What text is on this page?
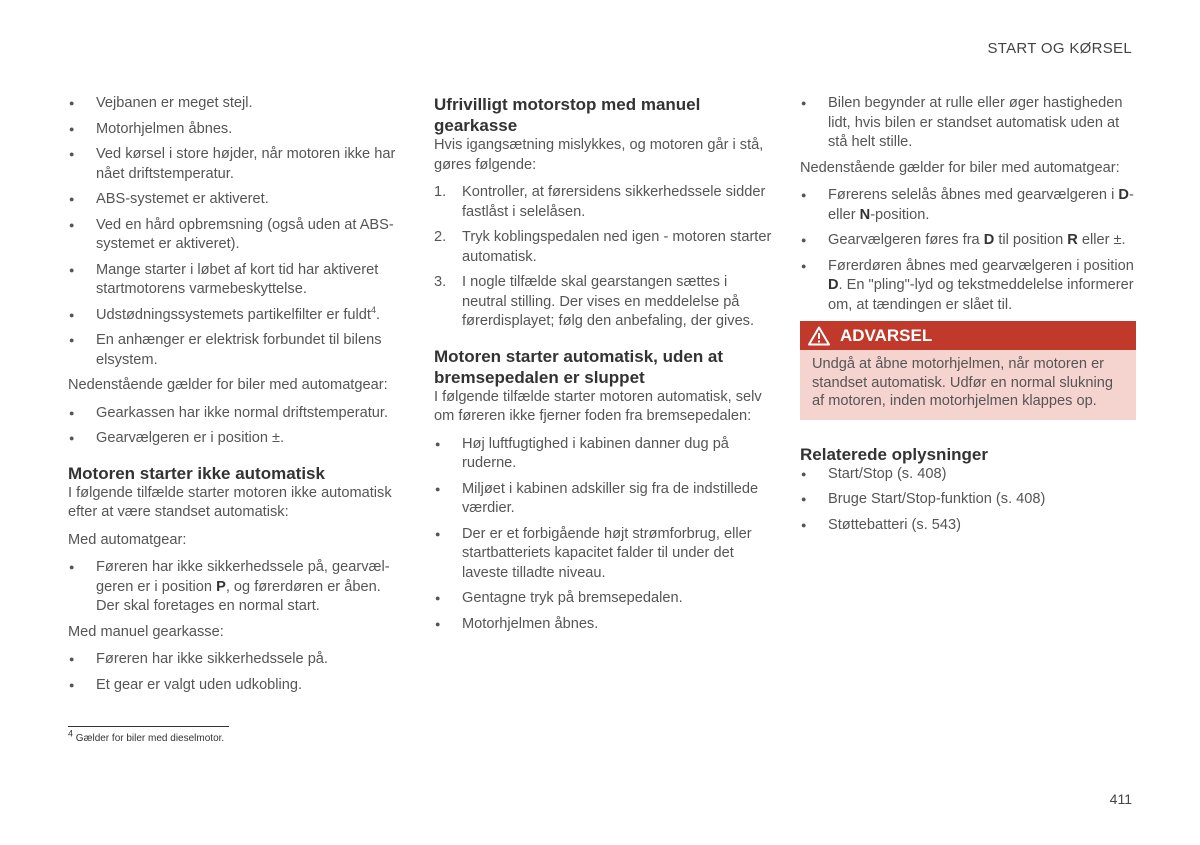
START OG KØRSEL
● Vejbanen er meget stejl.
● Motorhjelmen åbnes.
● Ved kørsel i store højder, når motoren ikke har nået driftstemperatur.
● ABS-systemet er aktiveret.
● Ved en hård opbremsning (også uden at ABS-systemet er aktiveret).
● Mange starter i løbet af kort tid har aktiveret startmotorens varmebeskyttelse.
● Udstødningssystemets partikelfilter er fuldt$^4$.
● En anhænger er elektrisk forbundet til bilens elsystem.

Nedenstående gælder for biler med automatgear:

● Gearkassen har ikke normal driftstemperatur.
● Gearvælgeren er i position ±.
Motoren starter ikke automatisk

I følgende tilfælde starter motoren ikke automatisk efter at være standset automatisk:

Med automatgear:

● Føreren har ikke sikkerhedssele på, gearvælgeren er i position P, og førerdøren er åben. Der skal foretages en normal start.

Med manuel gearkasse:

● Føreren har ikke sikkerhedssele på.
● Et gear er valgt uden udkobling.
Ufrivilligt motorstop med manuel gearkasse

Hvis igangsætning mislykkes, og motoren går i stå, gøres følgende:

1. Kontroller, at førersidens sikkerhedssele sidder fastlåst i selelåsen.
2. Tryk koblingspedalen ned igen - motoren starter automatisk.
3. I nogle tilfælde skal gearstangen sættes i neutral stilling. Der vises en meddelelse på førerdisplayet; følg den anbefaling, der gives.
Motoren starter automatisk, uden at bremsepedalen er sluppet

I følgende tilfælde starter motoren automatisk, selv om føreren ikke fjerner foden fra bremsepedalen:

● Høj luftfugtighed i kabinen danner dug på ruderne.
● Miljøet i kabinen adskiller sig fra de indstillede værdier.
● Der er et forbigående højt strømforbrug, eller startbatteriets kapacitet falder til under det laveste tilladte niveau.
● Gentagne tryk på bremsepedalen.
● Motorhjelmen åbnes.
● Bilen begynder at rulle eller øger hastigheden lidt, hvis bilen er standset automatisk uden at stå helt stille.

Nedenstående gælder for biler med automatgear:

● Førerens selelås åbnes med gearvælgeren i D- eller N-position.
● Gearvælgeren føres fra D til position R eller ±.
● Førerdøren åbnes med gearvælgeren i position D. En "pling"-lyd og tekstmeddelelse informerer om, at tændingen er slået til.
ADVARSEL
Undgå at åbne motorhjelmen, når motoren er standset automatisk. Udfør en normal slukning af motoren, inden motorhjelmen klappes op.
Relaterede oplysninger
● Start/Stop (s. 408)
● Bruge Start/Stop-funktion (s. 408)
● Støttebatteri (s. 543)
$^4$ Gælder for biler med dieselmotor.
411
